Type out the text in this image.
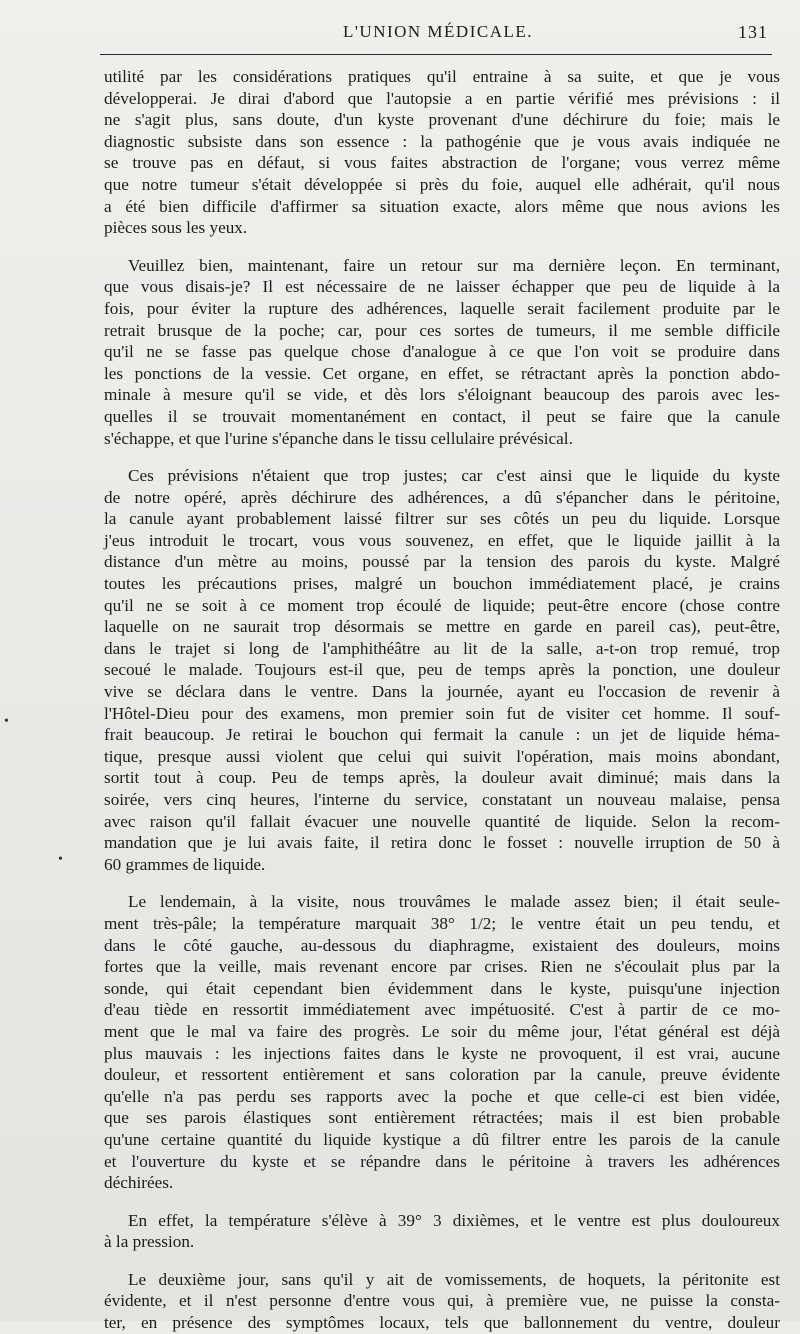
L'UNION MÉDICALE.	131
utilité par les considérations pratiques qu'il entraine à sa suite, et que je vous
développerai. Je dirai d'abord que l'autopsie a en partie vérifié mes prévisions : il
ne s'agit plus, sans doute, d'un kyste provenant d'une déchirure du foie; mais le
diagnostic subsiste dans son essence : la pathogénie que je vous avais indiquée ne
se trouve pas en défaut, si vous faites abstraction de l'organe; vous verrez même
que notre tumeur s'était développée si près du foie, auquel elle adhérait, qu'il nous
a été bien difficile d'affirmer sa situation exacte, alors même que nous avions les
pièces sous les yeux.
Veuillez bien, maintenant, faire un retour sur ma dernière leçon. En terminant,
que vous disais-je? Il est nécessaire de ne laisser échapper que peu de liquide à la
fois, pour éviter la rupture des adhérences, laquelle serait facilement produite par le
retrait brusque de la poche; car, pour ces sortes de tumeurs, il me semble difficile
qu'il ne se fasse pas quelque chose d'analogue à ce que l'on voit se produire dans
les ponctions de la vessie. Cet organe, en effet, se rétractant après la ponction abdo-
minale à mesure qu'il se vide, et dès lors s'éloignant beaucoup des parois avec les-
quelles il se trouvait momentanément en contact, il peut se faire que la canule
s'échappe, et que l'urine s'épanche dans le tissu cellulaire prévésical.
Ces prévisions n'étaient que trop justes; car c'est ainsi que le liquide du kyste
de notre opéré, après déchirure des adhérences, a dû s'épancher dans le péritoine,
la canule ayant probablement laissé filtrer sur ses côtés un peu du liquide. Lorsque
j'eus introduit le trocart, vous vous souvenez, en effet, que le liquide jaillit à la
distance d'un mètre au moins, poussé par la tension des parois du kyste. Malgré
toutes les précautions prises, malgré un bouchon immédiatement placé, je crains
qu'il ne se soit à ce moment trop écoulé de liquide; peut-être encore (chose contre
laquelle on ne saurait trop désormais se mettre en garde en pareil cas), peut-être,
dans le trajet si long de l'amphithéâtre au lit de la salle, a-t-on trop remué, trop
secoué le malade. Toujours est-il que, peu de temps après la ponction, une douleur
vive se déclara dans le ventre. Dans la journée, ayant eu l'occasion de revenir à
l'Hôtel-Dieu pour des examens, mon premier soin fut de visiter cet homme. Il souf-
frait beaucoup. Je retirai le bouchon qui fermait la canule : un jet de liquide héma-
tique, presque aussi violent que celui qui suivit l'opération, mais moins abondant,
sortit tout à coup. Peu de temps après, la douleur avait diminué; mais dans la
soirée, vers cinq heures, l'interne du service, constatant un nouveau malaise, pensa
avec raison qu'il fallait évacuer une nouvelle quantité de liquide. Selon la recom-
mandation que je lui avais faite, il retira donc le fosset : nouvelle irruption de 50 à
60 grammes de liquide.
Le lendemain, à la visite, nous trouvâmes le malade assez bien; il était seule-
ment très-pâle; la température marquait 38° 1/2; le ventre était un peu tendu, et
dans le côté gauche, au-dessous du diaphragme, existaient des douleurs, moins
fortes que la veille, mais revenant encore par crises. Rien ne s'écoulait plus par la
sonde, qui était cependant bien évidemment dans le kyste, puisqu'une injection
d'eau tiède en ressortit immédiatement avec impétuosité. C'est à partir de ce mo-
ment que le mal va faire des progrès. Le soir du même jour, l'état général est déjà
plus mauvais : les injections faites dans le kyste ne provoquent, il est vrai, aucune
douleur, et ressortent entièrement et sans coloration par la canule, preuve évidente
qu'elle n'a pas perdu ses rapports avec la poche et que celle-ci est bien vidée,
que ses parois élastiques sont entièrement rétractées; mais il est bien probable
qu'une certaine quantité du liquide kystique a dû filtrer entre les parois de la canule
et l'ouverture du kyste et se répandre dans le péritoine à travers les adhérences
déchirées.
En effet, la température s'élève à 39° 3 dixièmes, et le ventre est plus douloureux
à la pression.
Le deuxième jour, sans qu'il y ait de vomissements, de hoquets, la péritonite est
évidente, et il n'est personne d'entre vous qui, à première vue, ne puisse la consta-
ter, en présence des symptômes locaux, tels que ballonnement du ventre, douleur
•
•
